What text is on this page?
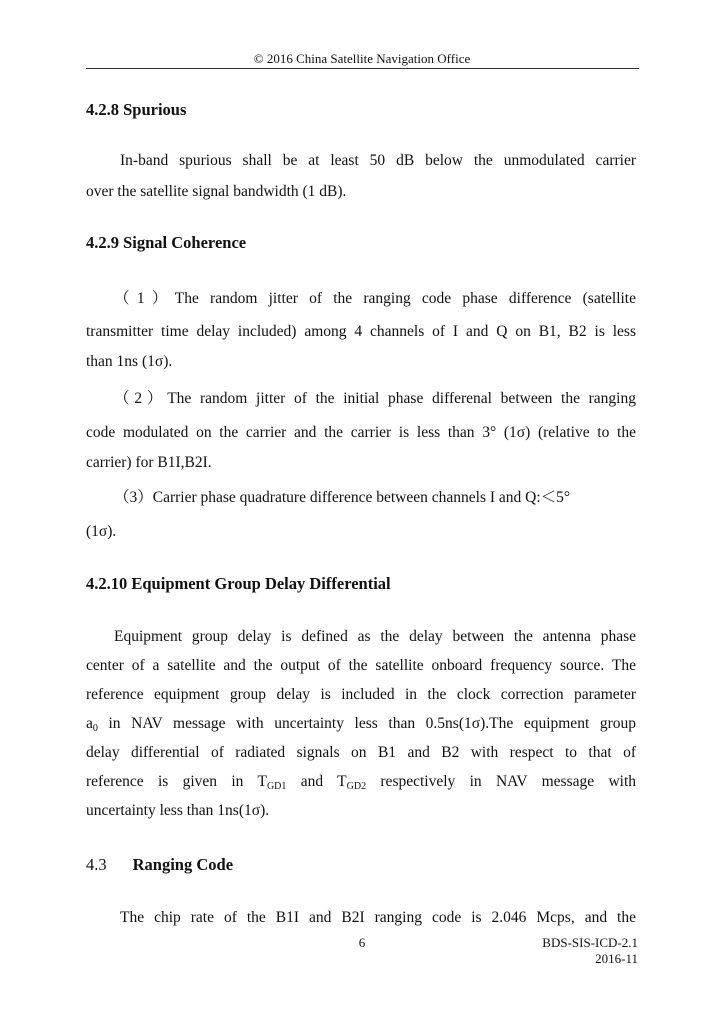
© 2016 China Satellite Navigation Office
4.2.8 Spurious
In-band spurious shall be at least 50 dB below the unmodulated carrier
over the satellite signal bandwidth (1 dB).
4.2.9 Signal Coherence
（1）The random jitter of the ranging code phase difference (satellite
transmitter time delay included) among 4 channels of I and Q on B1, B2 is less
than 1ns (1σ).
（2）The random jitter of the initial phase differenal between the ranging
code modulated on the carrier and the carrier is less than 3° (1σ) (relative to the
carrier) for B1I,B2I.
（3）Carrier phase quadrature difference between channels I and Q:＜5°
(1σ).
4.2.10 Equipment Group Delay Differential
Equipment group delay is defined as the delay between the antenna phase
center of a satellite and the output of the satellite onboard frequency source. The
reference equipment group delay is included in the clock correction parameter
$a_0$ in NAV message with uncertainty less than 0.5ns(1σ).The equipment group
delay differential of radiated signals on B1 and B2 with respect to that of
reference is given in $T_{GD1}$ and $T_{GD2}$ respectively in NAV message with
uncertainty less than 1ns(1σ).
4.3 Ranging Code
The chip rate of the B1I and B2I ranging code is 2.046 Mcps, and the
6	BDS-SIS-ICD-2.1
2016-11
